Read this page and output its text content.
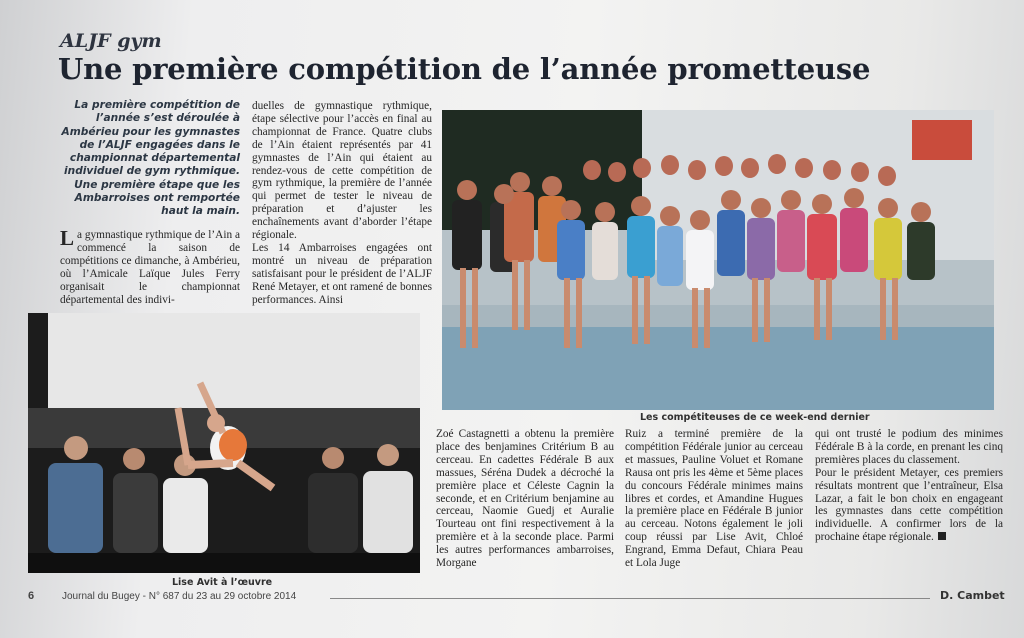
ALJF gym
Une première compétition de l’année prometteuse
La première compétition de l’année s’est déroulée à Ambérieu pour les gymnastes de l’ALJF engagées dans le championnat départemental individuel de gym rythmique. Une première étape que les Ambarroises ont remportée haut la main.

La gymnastique rythmique de l’Ain a commencé la saison de compétitions ce dimanche, à Ambérieu, où l’Amicale Laïque Jules Ferry organisait le championnat départemental des indivi-

duelles de gymnastique rythmique, étape sélective pour l’accès en final au championnat de France. Quatre clubs de l’Ain étaient représentés par 41 gymnastes de l’Ain qui étaient au rendez-vous de cette compétition de gym rythmique, la première de l’année qui permet de tester le niveau de préparation et d’ajuster les enchaînements avant d’aborder l’étape régionale.

Les 14 Ambarroises engagées ont montré un niveau de préparation satisfaisant pour le président de l’ALJF René Metayer, et ont ramené de bonnes performances. Ainsi

Les compétiteuses de ce week-end dernier
Lise Avit à l’œuvre

Zoé Castagnetti a obtenu la première place des benjamines Critérium B au cerceau. En cadettes Fédérale B aux massues, Séréna Dudek a décroché la première place et Céleste Cagnin la seconde, et en Critérium benjamine au cerceau, Naomie Guedj et Auralie Tourteau ont fini respectivement à la première et à la seconde place. Parmi les autres performances ambarroises, Morgane

Ruiz a terminé première de la compétition Fédérale junior au cerceau et massues, Pauline Voluet et Romane Rausa ont pris les 4ème et 5ème places du concours Fédérale minimes mains libres et cordes, et Amandine Hugues la première place en Fédérale B junior au cerceau. Notons également le joli coup réussi par Lise Avit, Chloé Engrand, Emma Defaut, Chiara Peau et Lola Juge

qui ont trusté le podium des minimes Fédérale B à la corde, en prenant les cinq premières places du classement.

Pour le président Metayer, ces premiers résultats montrent que l’entraîneur, Elsa Lazar, a fait le bon choix en engageant les gymnastes dans cette compétition individuelle. A confirmer lors de la prochaine étape régionale.

D. Cambet
6	Journal du Bugey - N° 687 du 23 au 29 octobre 2014
